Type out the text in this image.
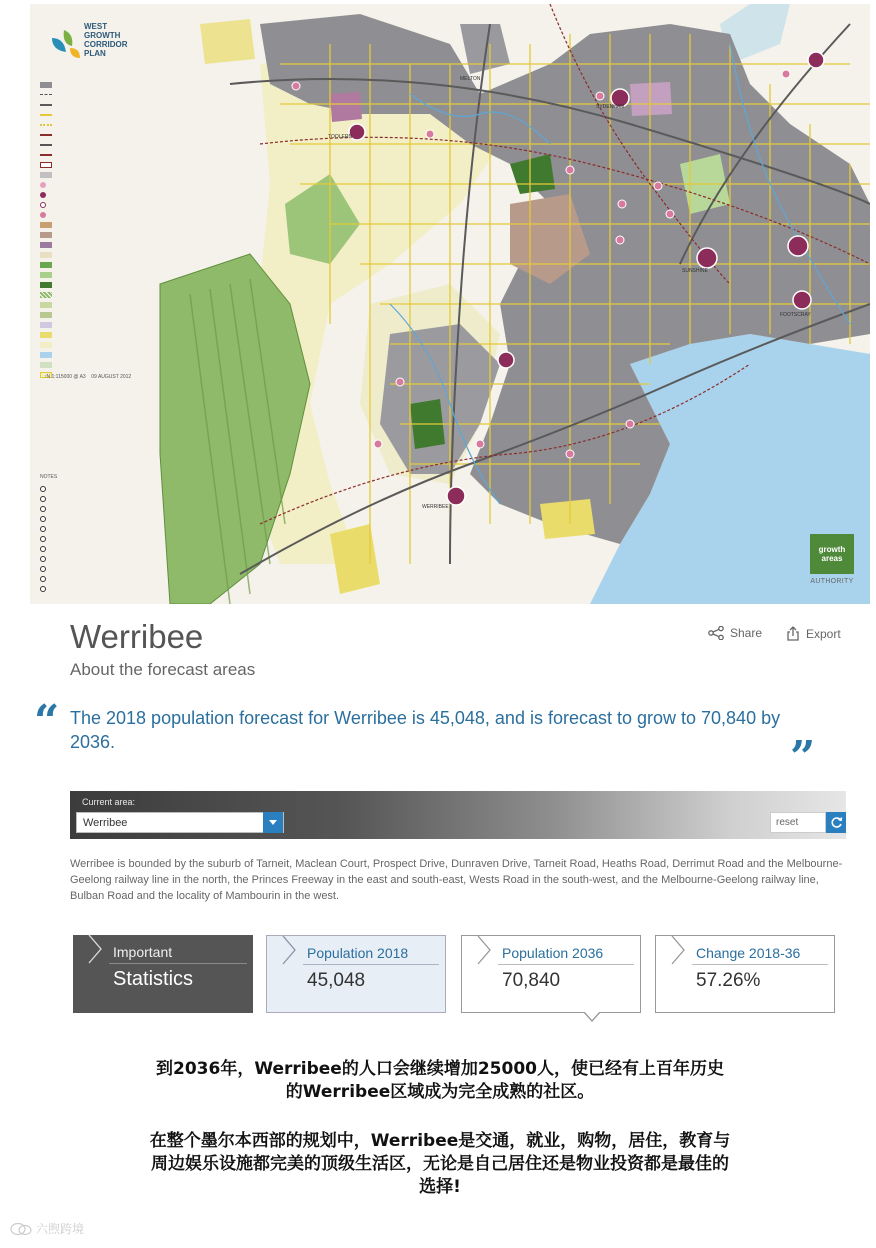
MELTON
TOOLERN
SYDENHAM
SUNSHINE
FOOTSCRAY
WERRIBEE
WEST
GROWTH
CORRIDOR
PLAN
↑N 1:115000 @ A3 09 AUGUST 2012
NOTES
growth
areas
AUTHORITY
Werribee
About the forecast areas
Share	Export
“ The 2018 population forecast for Werribee is 45,048, and is forecast to grow to 70,840 by 2036.	”
Current area:
Werribee	reset

Werribee is bounded by the suburb of Tarneit, Maclean Court, Prospect Drive, Dunraven Drive, Tarneit Road, Heaths Road, Derrimut Road and the Melbourne-Geelong railway line in the north, the Princes Freeway in the east and south-east, Wests Road in the south-west, and the Melbourne-Geelong railway line, Bulban Road and the locality of Mambourin in the west.

Important
Statistics
Population 2018
45,048
Population 2036
70,840
Change 2018-36
57.26%
到2036年，Werribee的人口会继续增加25000人，使已经有上百年历史
的Werribee区域成为完全成熟的社区。
在整个墨尔本西部的规划中，Werribee是交通，就业，购物，居住，教育与
周边娱乐设施都完美的顶级生活区，无论是自己居住还是物业投资都是最佳的
选择!
六煦跨境
